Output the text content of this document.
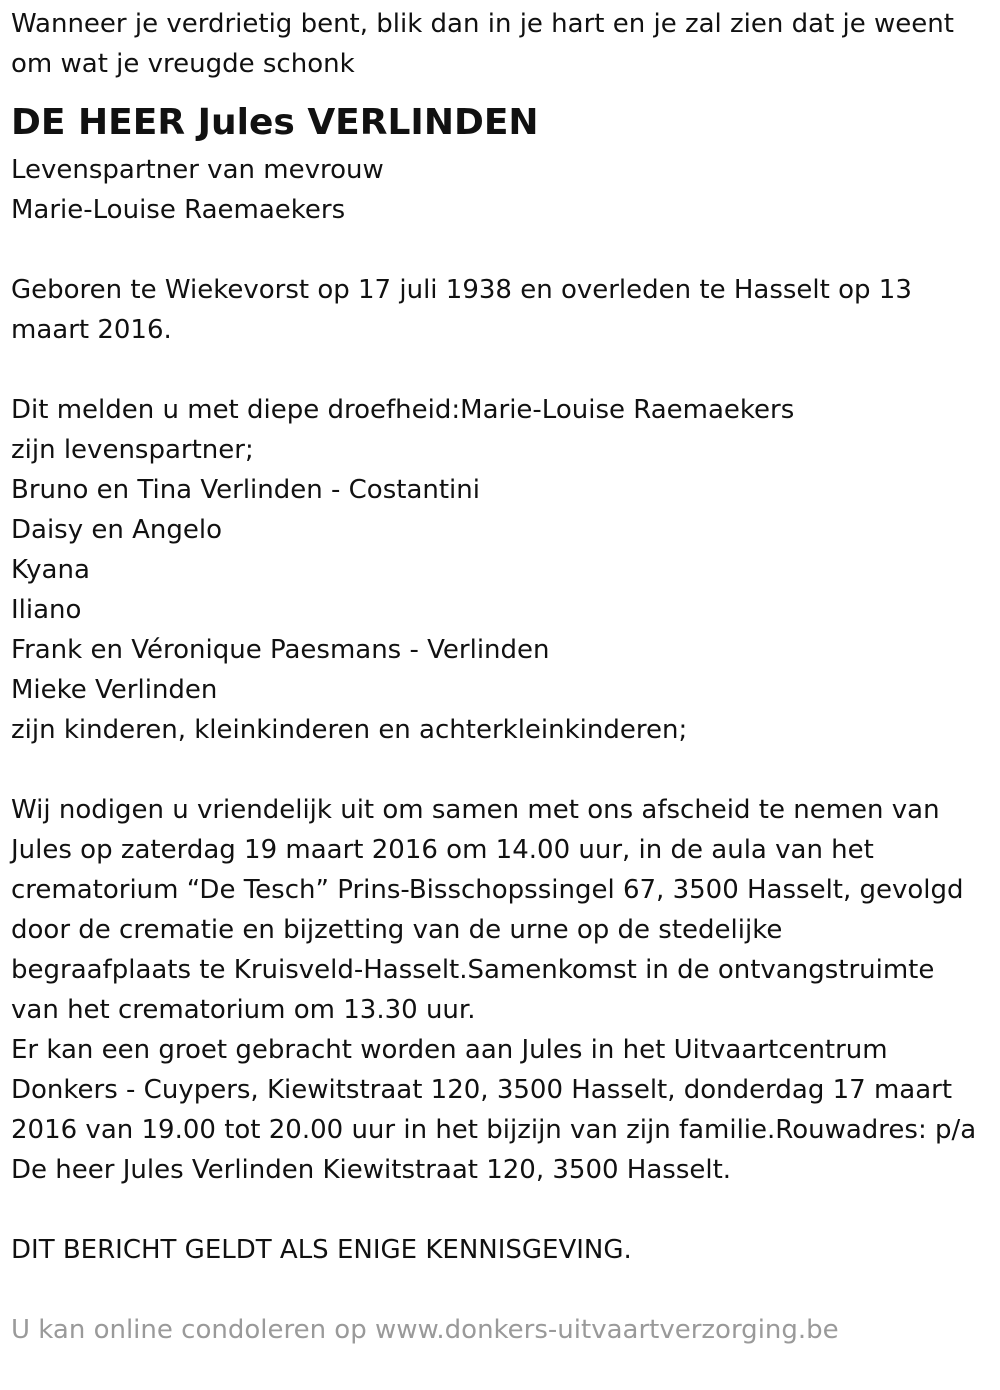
Wanneer je verdrietig bent, blik dan in je hart en je zal zien dat je weent

om wat je vreugde schonk

DE HEER Jules VERLINDEN

Levenspartner van mevrouw

Marie-Louise Raemaekers

Geboren te Wiekevorst op 17 juli 1938 en overleden te Hasselt op 13

maart 2016.

Dit melden u met diepe droefheid:Marie-Louise Raemaekers

zijn levenspartner;

Bruno en Tina Verlinden - Costantini

Daisy en Angelo

Kyana

Iliano

Frank en Véronique Paesmans - Verlinden

Mieke Verlinden

zijn kinderen, kleinkinderen en achterkleinkinderen;

Wij nodigen u vriendelijk uit om samen met ons afscheid te nemen van

Jules op zaterdag 19 maart 2016 om 14.00 uur, in de aula van het

crematorium “De Tesch” Prins-Bisschopssingel 67, 3500 Hasselt, gevolgd

door de crematie en bijzetting van de urne op de stedelijke

begraafplaats te Kruisveld-Hasselt.Samenkomst in de ontvangstruimte

van het crematorium om 13.30 uur.

Er kan een groet gebracht worden aan Jules in het Uitvaartcentrum

Donkers - Cuypers, Kiewitstraat 120, 3500 Hasselt, donderdag 17 maart

2016 van 19.00 tot 20.00 uur in het bijzijn van zijn familie.Rouwadres: p/a

De heer Jules Verlinden Kiewitstraat 120, 3500 Hasselt.

DIT BERICHT GELDT ALS ENIGE KENNISGEVING.

U kan online condoleren op www.donkers-uitvaartverzorging.be
